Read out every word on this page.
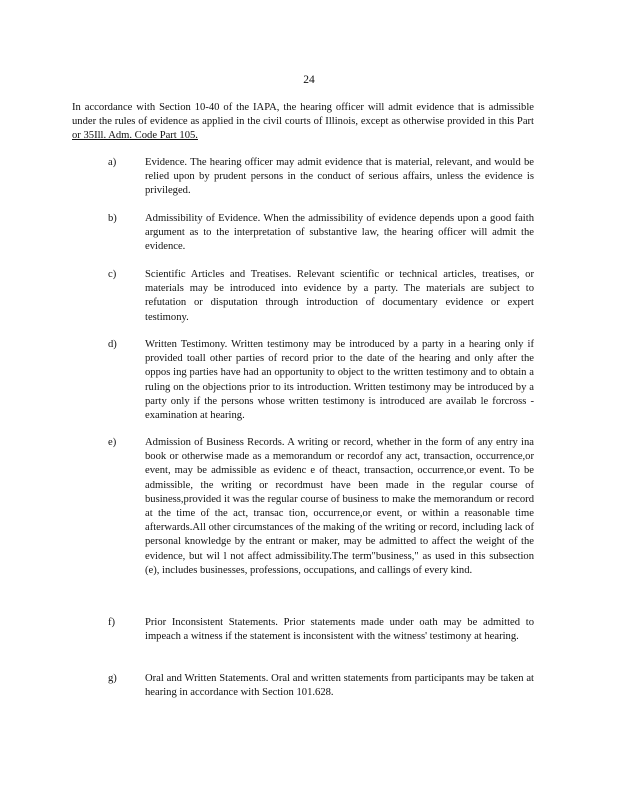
24

In accordance with Section 10-40 of the IAPA, the hearing officer will admit evidence that is admissible under the rules of evidence as applied in the civil courts of Illinois, except as otherwise provided in this Part or 35Ill. Adm. Code Part 105.

a)	Evidence. The hearing officer may admit evidence that is material, relevant, and would be relied upon by prudent persons in the conduct of serious affairs, unless the evidence is privileged.

b)	Admissibility of Evidence. When the admissibility of evidence depends upon a good faith argument as to the interpretation of substantive law, the hearing officer will admit the evidence.

c)	Scientific Articles and Treatises. Relevant scientific or technical articles, treatises, or materials may be introduced into evidence by a party. The materials are subject to refutation or disputation through introduction of documentary evidence or expert testimony.

d)	Written Testimony. Written testimony may be introduced by a party in a hearing only if provided toall other parties of record prior to the date of the hearing and only after the oppos ing parties have had an opportunity to object to the written testimony and to obtain a ruling on the objections prior to its introduction. Written testimony may be introduced by a party only if the persons whose written testimony is introduced are availab le forcross - examination at hearing.

e)	Admission of Business Records. A writing or record, whether in the form of any entry ina book or otherwise made as a memorandum or recordof any act, transaction, occurrence,or event, may be admissible as evidenc e of theact, transaction, occurrence,or event. To be admissible, the writing or recordmust have been made in the regular course of business,provided it was the regular course of business to make the memorandum or record at the time of the act, transac tion, occurrence,or event, or within a reasonable time afterwards.All other circumstances of the making of the writing or record, including lack of personal knowledge by the entrant or maker, may be admitted to affect the weight of the evidence, but wil l not affect admissibility.The term"business," as used in this subsection (e), includes businesses, professions, occupations, and callings of every kind.

f)	Prior Inconsistent Statements. Prior statements made under oath may be admitted to impeach a witness if the statement is inconsistent with the witness' testimony at hearing.

g)	Oral and Written Statements. Oral and written statements from participants may be taken at hearing in accordance with Section 101.628.
